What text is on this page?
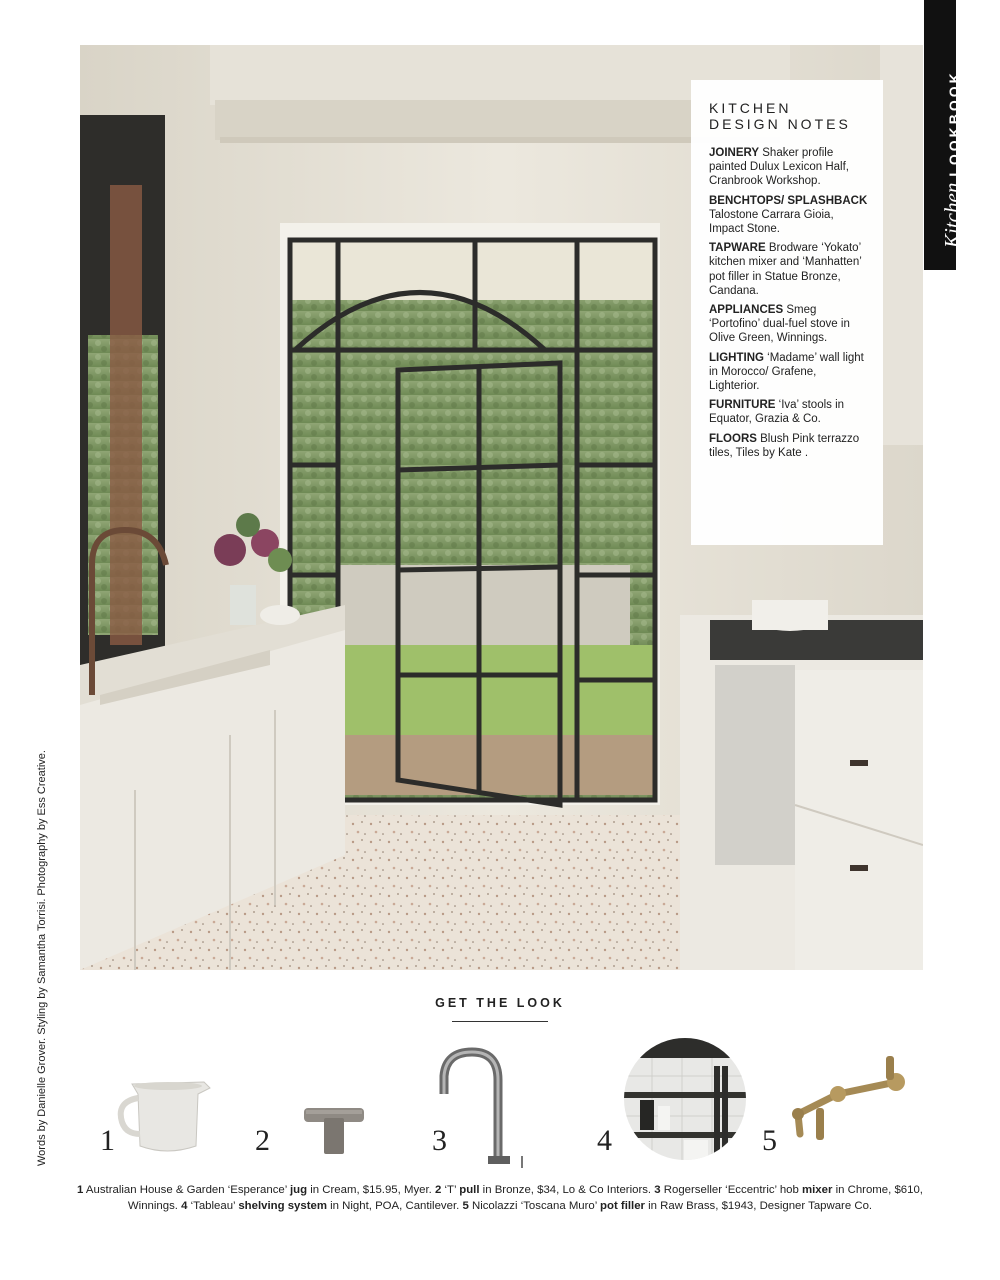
KITCHEN
DESIGN NOTES

JOINERY Shaker profile painted Dulux Lexicon Half, Cranbrook Workshop.

BENCHTOPS/ SPLASHBACK Talostone Carrara Gioia, Impact Stone.

TAPWARE Brodware ‘Yokato’ kitchen mixer and ‘Manhatten’ pot filler in Statue Bronze, Candana.

APPLIANCES Smeg ‘Portofino’ dual-fuel stove in Olive Green, Winnings.

LIGHTING ‘Madame’ wall light in Morocco/ Grafene, Lighterior.

FURNITURE ‘Iva’ stools in Equator, Grazia & Co.

FLOORS Blush Pink terrazzo tiles, Tiles by Kate .

Kitchen
LOOKBOOK
Words by Danielle Grover. Styling by Samantha Torrisi. Photography by Ess Creative.	GET THE LOOK
1	2	3	4	5
1 Australian House & Garden ‘Esperance’ jug in Cream, $15.95, Myer. 2 ‘T’ pull in Bronze, $34, Lo & Co Interiors. 3 Rogerseller ‘Eccentric’ hob mixer in Chrome, $610, Winnings. 4 ‘Tableau’ shelving system in Night, POA, Cantilever. 5 Nicolazzi ‘Toscana Muro’ pot filler in Raw Brass, $1943, Designer Tapware Co.
